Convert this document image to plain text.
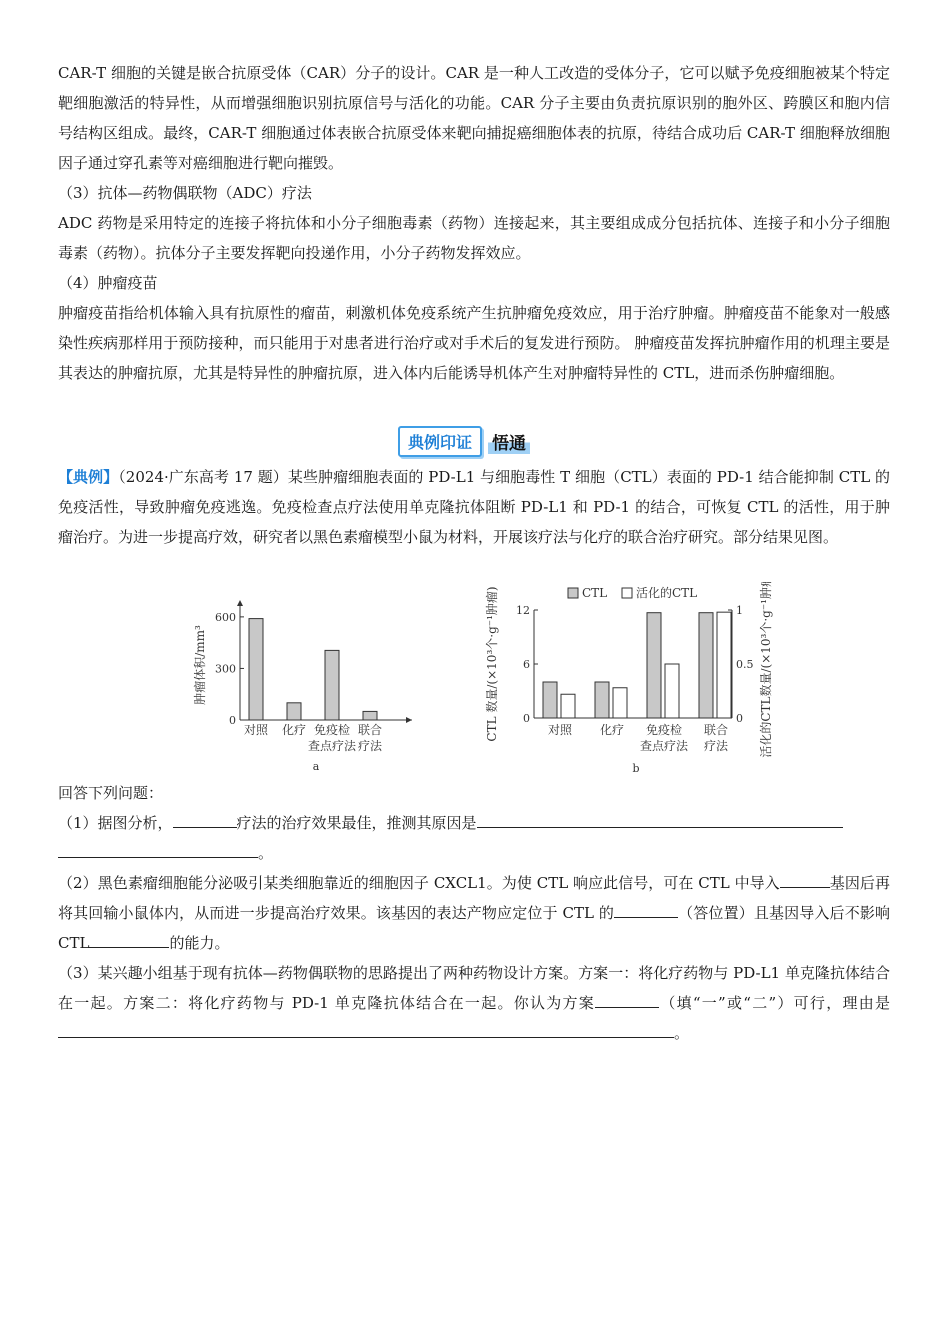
CAR-T 细胞的关键是嵌合抗原受体（CAR）分子的设计。CAR 是一种人工改造的受体分子，它可以赋予免疫细胞被某个特定靶细胞激活的特异性，从而增强细胞识别抗原信号与活化的功能。CAR 分子主要由负责抗原识别的胞外区、跨膜区和胞内信号结构区组成。最终，CAR-T 细胞通过体表嵌合抗原受体来靶向捕捉癌细胞体表的抗原，待结合成功后 CAR-T 细胞释放细胞因子通过穿孔素等对癌细胞进行靶向摧毁。

（3）抗体—药物偶联物（ADC）疗法

ADC 药物是采用特定的连接子将抗体和小分子细胞毒素（药物）连接起来，其主要组成成分包括抗体、连接子和小分子细胞毒素（药物）。抗体分子主要发挥靶向投递作用，小分子药物发挥效应。

（4）肿瘤疫苗

肿瘤疫苗指给机体输入具有抗原性的瘤苗，刺激机体免疫系统产生抗肿瘤免疫效应，用于治疗肿瘤。肿瘤疫苗不能象对一般感染性疾病那样用于预防接种，而只能用于对患者进行治疗或对手术后的复发进行预防。 肿瘤疫苗发挥抗肿瘤作用的机理主要是其表达的肿瘤抗原，尤其是特异性的肿瘤抗原，进入体内后能诱导机体产生对肿瘤特异性的 CTL，进而杀伤肿瘤细胞。

典例印证	悟通

【典例】（2024·广东高考 17 题）某些肿瘤细胞表面的 PD-L1 与细胞毒性 T 细胞（CTL）表面的 PD-1 结合能抑制 CTL 的免疫活性，导致肿瘤免疫逃逸。免疫检查点疗法使用单克隆抗体阻断 PD-L1 和 PD-1 的结合，可恢复 CTL 的活性，用于肿瘤治疗。为进一步提高疗效，研究者以黑色素瘤模型小鼠为材料，开展该疗法与化疗的联合治疗研究。部分结果见图。

0
300
600
肿瘤体积/mm³
对照 化疗 免疫检
查点疗法
联合
疗法
a
0
6
12
0
0.5
1
CTL 数量/(×10³个·g⁻¹肿瘤)	活化的CTL数量/(×10³个·g⁻¹肿瘤)
CTL 活化的CTL
对照 化疗 免疫检
查点疗法
联合
疗法
b

回答下列问题：

（1）据图分析，	疗法的治疗效果最佳，推测其原因是
。

（2）黑色素瘤细胞能分泌吸引某类细胞靠近的细胞因子 CXCL1。为使 CTL 响应此信号，可在 CTL 中导入	基因后再将其回输小鼠体内，从而进一步提高治疗效果。该基因的表达产物应定位于 CTL 的	（答位置）且基因导入后不影响 CTL	的能力。

（3）某兴趣小组基于现有抗体—药物偶联物的思路提出了两种药物设计方案。方案一：将化疗药物与 PD-L1 单克隆抗体结合在一起。方案二：将化疗药物与 PD-1 单克隆抗体结合在一起。你认为方案	（填“一”或“二”）可行，理由是。
